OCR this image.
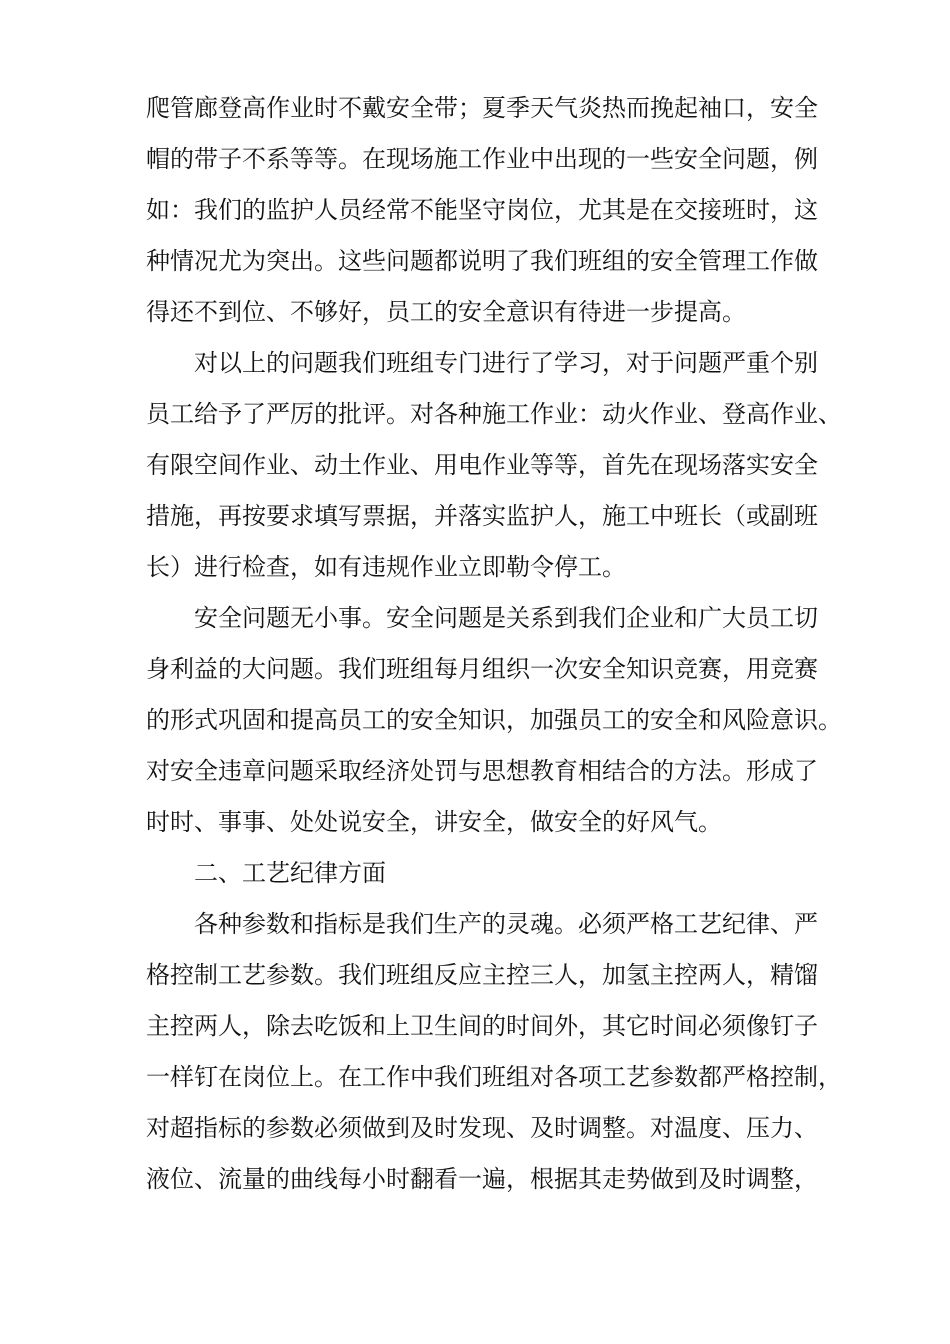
爬管廊登高作业时不戴安全带；夏季天气炎热而挽起袖口，安全
帽的带子不系等等。在现场施工作业中出现的一些安全问题，例
如：我们的监护人员经常不能坚守岗位，尤其是在交接班时，这
种情况尤为突出。这些问题都说明了我们班组的安全管理工作做
得还不到位、不够好，员工的安全意识有待进一步提高。
对以上的问题我们班组专门进行了学习，对于问题严重个别
员工给予了严厉的批评。对各种施工作业：动火作业、登高作业、
有限空间作业、动土作业、用电作业等等，首先在现场落实安全
措施，再按要求填写票据，并落实监护人，施工中班长（或副班
长）进行检查，如有违规作业立即勒令停工。
安全问题无小事。安全问题是关系到我们企业和广大员工切
身利益的大问题。我们班组每月组织一次安全知识竞赛，用竞赛
的形式巩固和提高员工的安全知识，加强员工的安全和风险意识。
对安全违章问题采取经济处罚与思想教育相结合的方法。形成了
时时、事事、处处说安全，讲安全，做安全的好风气。
二、工艺纪律方面
各种参数和指标是我们生产的灵魂。必须严格工艺纪律、严
格控制工艺参数。我们班组反应主控三人，加氢主控两人，精馏
主控两人，除去吃饭和上卫生间的时间外，其它时间必须像钉子
一样钉在岗位上。在工作中我们班组对各项工艺参数都严格控制，
对超指标的参数必须做到及时发现、及时调整。对温度、压力、
液位、流量的曲线每小时翻看一遍，根据其走势做到及时调整，
